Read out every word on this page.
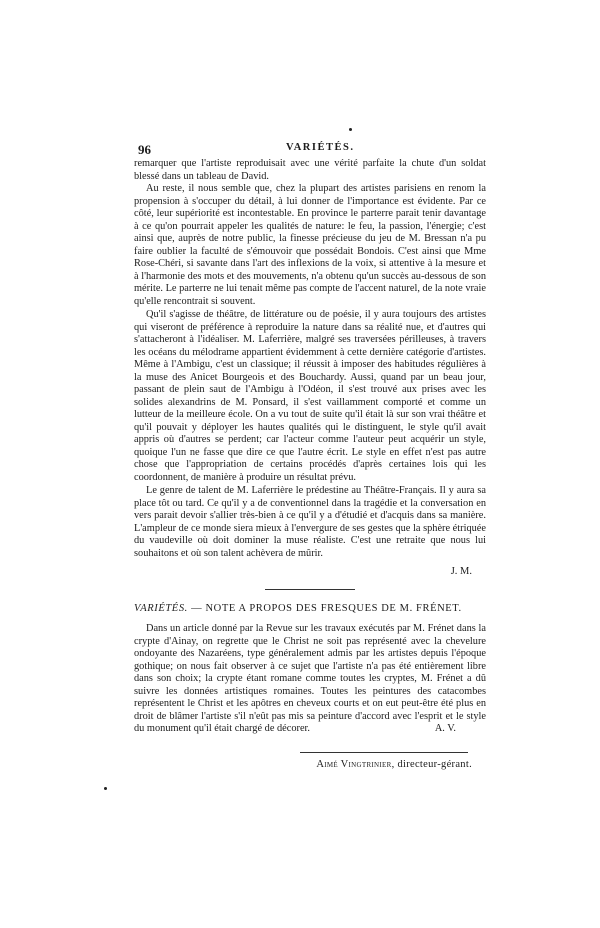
96	VARIÉTÉS.

remarquer que l'artiste reproduisait avec une vérité parfaite la chute d'un soldat blessé dans un tableau de David.

Au reste, il nous semble que, chez la plupart des artistes parisiens en renom la propension à s'occuper du détail, à lui donner de l'importance est évidente. Par ce côté, leur supériorité est incontestable. En province le parterre parait tenir davantage à ce qu'on pourrait appeler les qualités de nature: le feu, la passion, l'énergie; c'est ainsi que, auprès de notre public, la finesse précieuse du jeu de M. Bressan n'a pu faire oublier la faculté de s'émouvoir que possédait Bondois. C'est ainsi que Mme Rose-Chéri, si savante dans l'art des inflexions de la voix, si attentive à la mesure et à l'harmonie des mots et des mouvements, n'a obtenu qu'un succès au-dessous de son mérite. Le parterre ne lui tenait même pas compte de l'accent naturel, de la note vraie qu'elle rencontrait si souvent.

Qu'il s'agisse de théâtre, de littérature ou de poésie, il y aura toujours des artistes qui viseront de préférence à reproduire la nature dans sa réalité nue, et d'autres qui s'attacheront à l'idéaliser. M. Laferrière, malgré ses traversées périlleuses, à travers les océans du mélodrame appartient évidemment à cette dernière catégorie d'artistes. Même à l'Ambigu, c'est un classique; il réussit à imposer des habitudes régulières à la muse des Anicet Bourgeois et des Bouchardy. Aussi, quand par un beau jour, passant de plein saut de l'Ambigu à l'Odéon, il s'est trouvé aux prises avec les solides alexandrins de M. Ponsard, il s'est vaillamment comporté et comme un lutteur de la meilleure école. On a vu tout de suite qu'il était là sur son vrai théâtre et qu'il pouvait y déployer les hautes qualités qui le distinguent, le style qu'il avait appris où d'autres se perdent; car l'acteur comme l'auteur peut acquérir un style, quoique l'un ne fasse que dire ce que l'autre écrit. Le style en effet n'est pas autre chose que l'appropriation de certains procédés d'après certaines lois qui les coordonnent, de manière à produire un résultat prévu.

Le genre de talent de M. Laferrière le prédestine au Théâtre-Français. Il y aura sa place tôt ou tard. Ce qu'il y a de conventionnel dans la tragédie et la conversation en vers parait devoir s'allier très-bien à ce qu'il y a d'étudié et d'acquis dans sa manière. L'ampleur de ce monde siera mieux à l'envergure de ses gestes que la sphère étriquée du vaudeville où doit dominer la muse réaliste. C'est une retraite que nous lui souhaitons et où son talent achèvera de mûrir.

J. M.
VARIÉTÉS. — NOTE A PROPOS DES FRESQUES DE M. FRÉNET.

Dans un article donné par la Revue sur les travaux exécutés par M. Frénet dans la crypte d'Ainay, on regrette que le Christ ne soit pas représenté avec la chevelure ondoyante des Nazaréens, type généralement admis par les artistes depuis l'époque gothique; on nous fait observer à ce sujet que l'artiste n'a pas été entièrement libre dans son choix; la crypte étant romane comme toutes les cryptes, M. Frénet a dû suivre les données artistiques romaines. Toutes les peintures des catacombes représentent le Christ et les apôtres en cheveux courts et on eut peut-être été plus en droit de blâmer l'artiste s'il n'eût pas mis sa peinture d'accord avec l'esprit et le style du monument qu'il était chargé de décorer.	A. V.

Aimé Vingtrinier, directeur-gérant.
